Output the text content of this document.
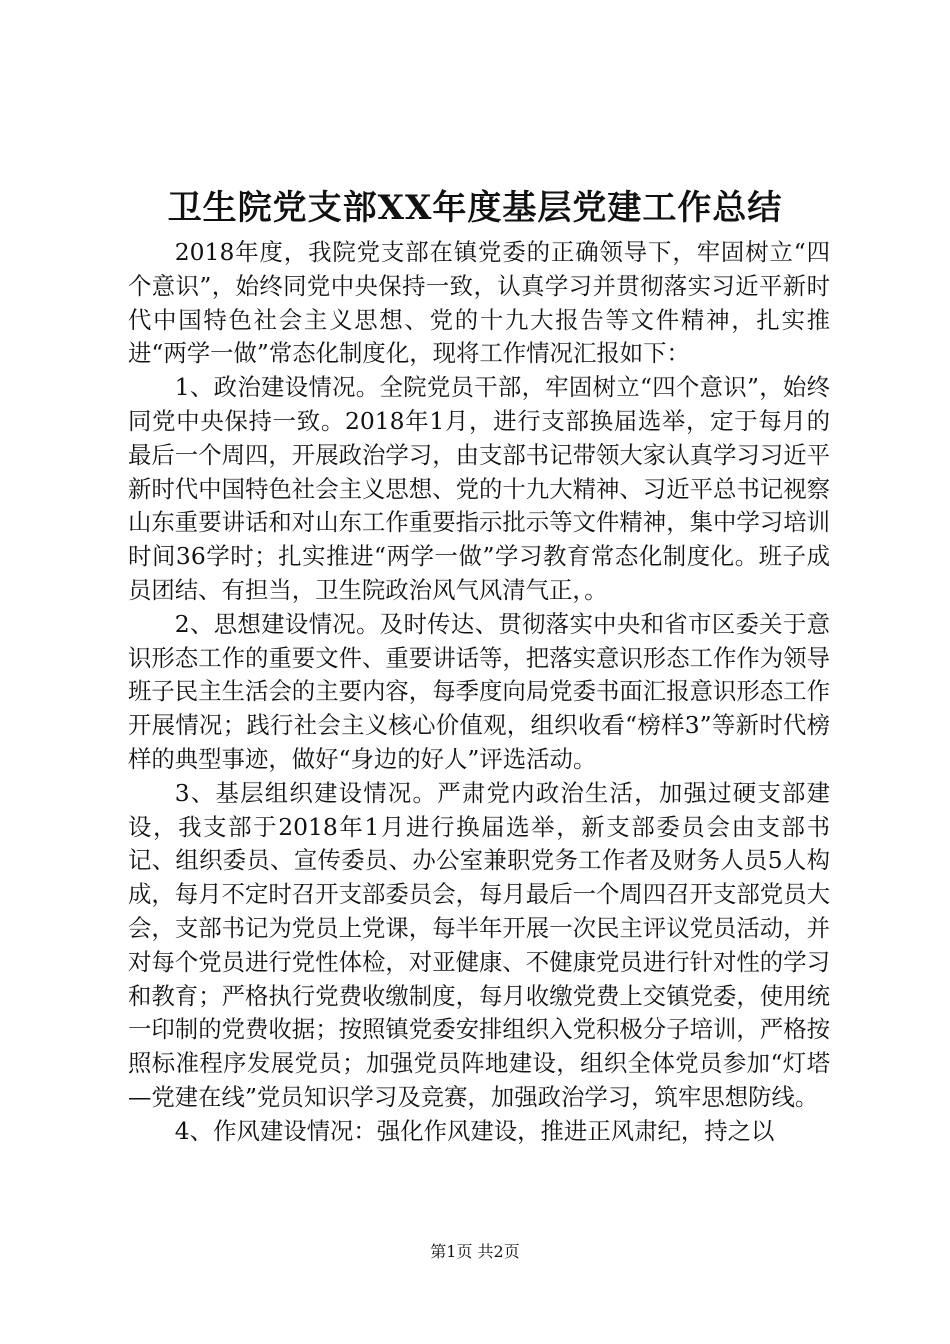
卫生院党支部XX年度基层党建工作总结

2018年度，我院党支部在镇党委的正确领导下，牢固树立“四个意识”，始终同党中央保持一致，认真学习并贯彻落实习近平新时代中国特色社会主义思想、党的十九大报告等文件精神，扎实推进“两学一做”常态化制度化，现将工作情况汇报如下：

1、政治建设情况。全院党员干部，牢固树立“四个意识”，始终同党中央保持一致。2018年1月，进行支部换届选举，定于每月的最后一个周四，开展政治学习，由支部书记带领大家认真学习习近平新时代中国特色社会主义思想、党的十九大精神、习近平总书记视察山东重要讲话和对山东工作重要指示批示等文件精神，集中学习培训时间36学时；扎实推进“两学一做”学习教育常态化制度化。班子成员团结、有担当，卫生院政治风气风清气正，。

2、思想建设情况。及时传达、贯彻落实中央和省市区委关于意识形态工作的重要文件、重要讲话等，把落实意识形态工作作为领导班子民主生活会的主要内容，每季度向局党委书面汇报意识形态工作开展情况；践行社会主义核心价值观，组织收看“榜样3”等新时代榜样的典型事迹，做好“身边的好人”评选活动。

3、基层组织建设情况。严肃党内政治生活，加强过硬支部建设，我支部于2018年1月进行换届选举，新支部委员会由支部书记、组织委员、宣传委员、办公室兼职党务工作者及财务人员5人构成，每月不定时召开支部委员会，每月最后一个周四召开支部党员大会，支部书记为党员上党课，每半年开展一次民主评议党员活动，并对每个党员进行党性体检，对亚健康、不健康党员进行针对性的学习和教育；严格执行党费收缴制度，每月收缴党费上交镇党委，使用统一印制的党费收据；按照镇党委安排组织入党积极分子培训，严格按照标准程序发展党员；加强党员阵地建设，组织全体党员参加“灯塔—党建在线”党员知识学习及竞赛，加强政治学习，筑牢思想防线。

4、作风建设情况：强化作风建设，推进正风肃纪，持之以

第1页 共2页
